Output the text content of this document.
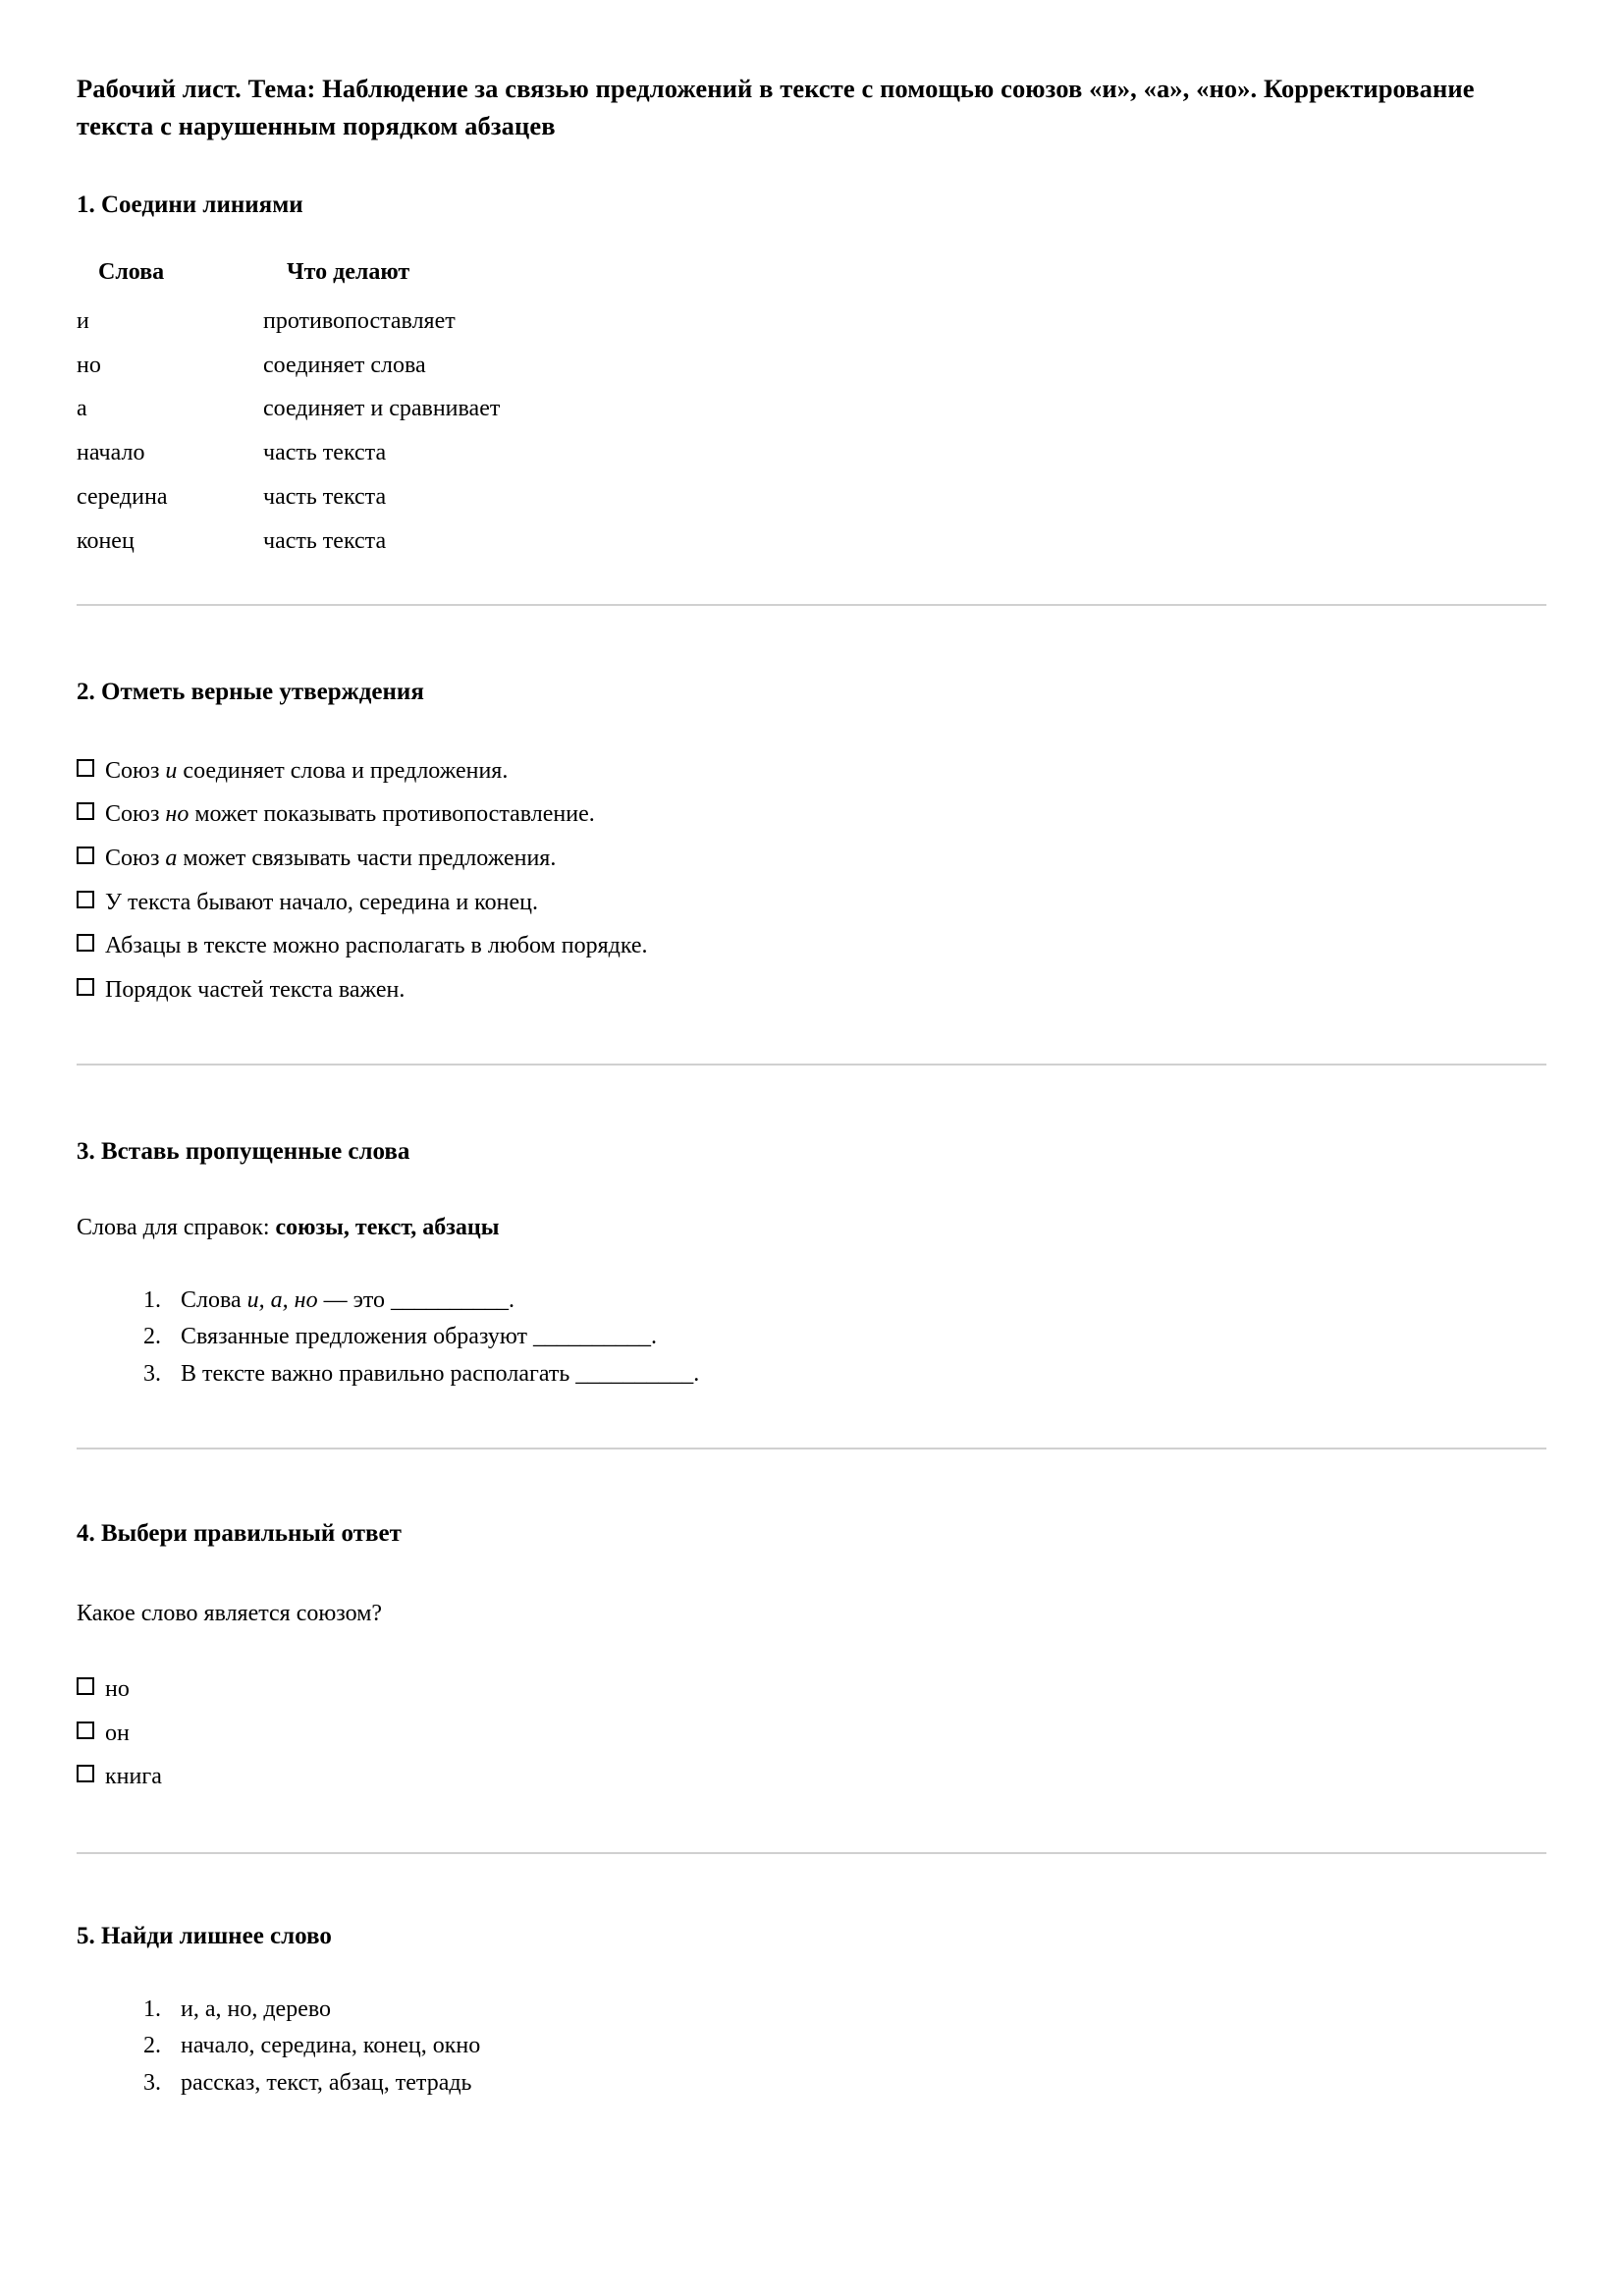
Рабочий лист. Тема: Наблюдение за связью предложений в тексте с помощью союзов «и», «а», «но». Корректирование текста с нарушенным порядком абзацев
1. Соедини линиями
Слова	Что делают
и	противопоставляет
но	соединяет слова
а	соединяет и сравнивает
начало	часть текста
середина	часть текста
конец	часть текста
2. Отметь верные утверждения
Союз и соединяет слова и предложения.
Союз но может показывать противопоставление.
Союз а может связывать части предложения.
У текста бывают начало, середина и конец.
Абзацы в тексте можно располагать в любом порядке.
Порядок частей текста важен.
3. Вставь пропущенные слова

Слова для справок: союзы, текст, абзацы

1. Слова и, а, но — это __________.
2. Связанные предложения образуют __________.
3. В тексте важно правильно располагать __________.
4. Выбери правильный ответ

Какое слово является союзом?

но
он
книга
5. Найди лишнее слово
1. и, а, но, дерево
2. начало, середина, конец, окно
3. рассказ, текст, абзац, тетрадь
